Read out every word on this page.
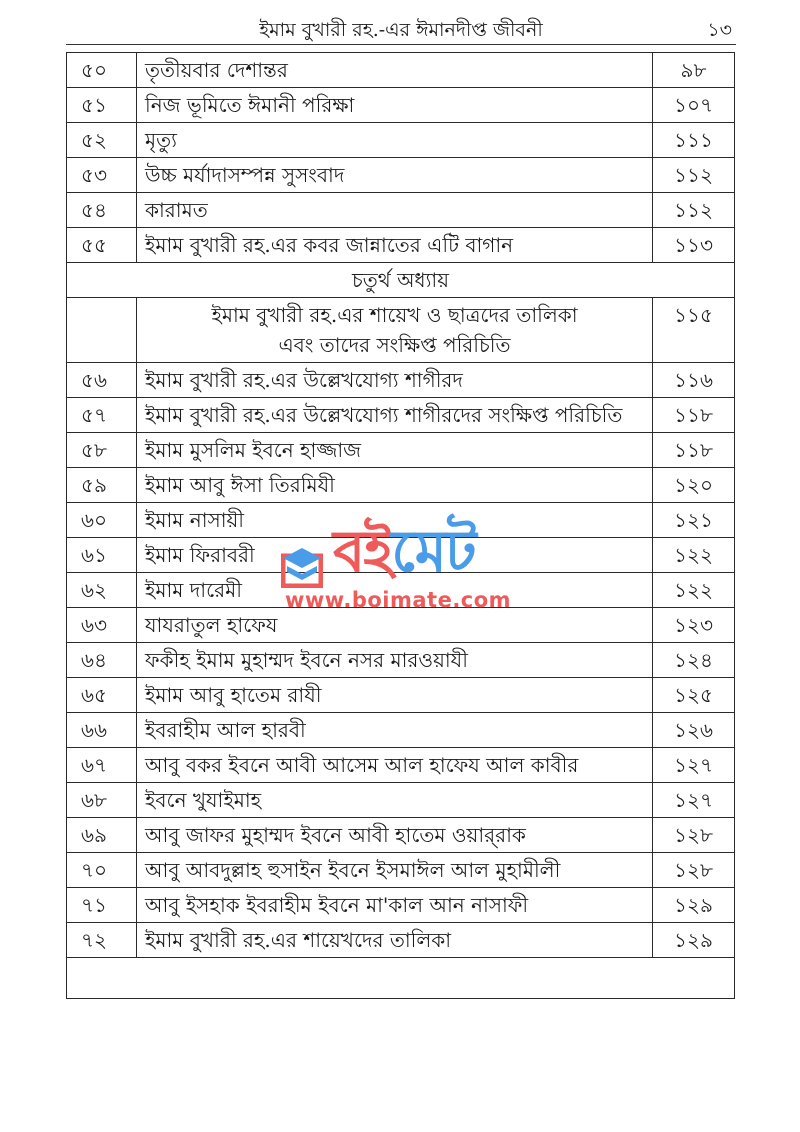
ইমাম বুখারী রহ.-এর ঈমানদীপ্ত জীবনী	১৩
৫০	তৃতীয়বার দেশান্তর	৯৮
৫১	নিজ ভূমিতে ঈমানী পরিক্ষা	১০৭
৫২	মৃত্যু	১১১
৫৩	উচ্চ মর্যাদাসম্পন্ন সুসংবাদ	১১২
৫৪	কারামত	১১২
৫৫	ইমাম বুখারী রহ.এর কবর জান্নাতের এটি বাগান	১১৩
চতুর্থ অধ্যায়		

	ইমাম বুখারী রহ.এর শায়েখ ও ছাত্রদের তালিকা
এবং তাদের সংক্ষিপ্ত পরিচিতি	১১৫
৫৬	ইমাম বুখারী রহ.এর উল্লেখযোগ্য শাগীরদ	১১৬
৫৭	ইমাম বুখারী রহ.এর উল্লেখযোগ্য শাগীরদের সংক্ষিপ্ত পরিচিতি	১১৮
৫৮	ইমাম মুসলিম ইবনে হাজ্জাজ	১১৮
৫৯	ইমাম আবু ঈসা তিরমিযী	১২০
৬০	ইমাম নাসায়ী	১২১
৬১	ইমাম ফিরাবরী	১২২
৬২	ইমাম দারেমী	১২২
৬৩	যাযরাতুল হাফেয	১২৩
৬৪	ফকীহ ইমাম মুহাম্মদ ইবনে নসর মারওয়াযী	১২৪
৬৫	ইমাম আবু হাতেম রাযী	১২৫
৬৬	ইবরাহীম আল হারবী	১২৬
৬৭	আবু বকর ইবনে আবী আসেম আল হাফেয আল কাবীর	১২৭
৬৮	ইবনে খুযাইমাহ	১২৭
৬৯	আবু জাফর মুহাম্মদ ইবনে আবী হাতেম ওয়ার্‌রাক	১২৮
৭০	আবু আবদুল্লাহ হুসাইন ইবনে ইসমাঈল আল মুহামীলী	১২৮
৭১	আবু ইসহাক ইবরাহীম ইবনে মা'কাল আন নাসাফী	১২৯
৭২	ইমাম বুখারী রহ.এর শায়েখদের তালিকা	১২৯

বইমেট
www.boimate.com
